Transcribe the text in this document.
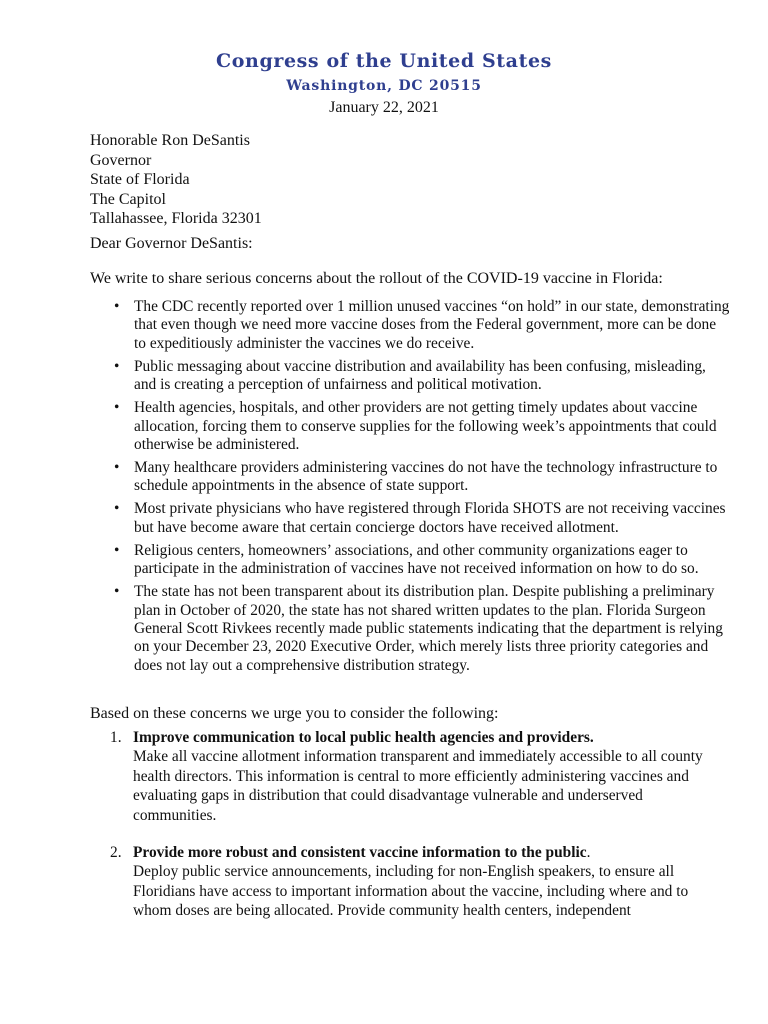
Congress of the United States
Washington, DC 20515
January 22, 2021
Honorable Ron DeSantis
Governor
State of Florida
The Capitol
Tallahassee, Florida 32301
Dear Governor DeSantis:
We write to share serious concerns about the rollout of the COVID-19 vaccine in Florida:
• The CDC recently reported over 1 million unused vaccines “on hold” in our state, demonstrating that even though we need more vaccine doses from the Federal government, more can be done to expeditiously administer the vaccines we do receive.
• Public messaging about vaccine distribution and availability has been confusing, misleading, and is creating a perception of unfairness and political motivation.
• Health agencies, hospitals, and other providers are not getting timely updates about vaccine allocation, forcing them to conserve supplies for the following week’s appointments that could otherwise be administered.
• Many healthcare providers administering vaccines do not have the technology infrastructure to schedule appointments in the absence of state support.
• Most private physicians who have registered through Florida SHOTS are not receiving vaccines but have become aware that certain concierge doctors have received allotment.
• Religious centers, homeowners’ associations, and other community organizations eager to participate in the administration of vaccines have not received information on how to do so.
• The state has not been transparent about its distribution plan. Despite publishing a preliminary plan in October of 2020, the state has not shared written updates to the plan. Florida Surgeon General Scott Rivkees recently made public statements indicating that the department is relying on your December 23, 2020 Executive Order, which merely lists three priority categories and does not lay out a comprehensive distribution strategy.
Based on these concerns we urge you to consider the following:
1. Improve communication to local public health agencies and providers.
Make all vaccine allotment information transparent and immediately accessible to all county health directors. This information is central to more efficiently administering vaccines and evaluating gaps in distribution that could disadvantage vulnerable and underserved communities.
2. Provide more robust and consistent vaccine information to the public.
Deploy public service announcements, including for non-English speakers, to ensure all Floridians have access to important information about the vaccine, including where and to whom doses are being allocated. Provide community health centers, independent
